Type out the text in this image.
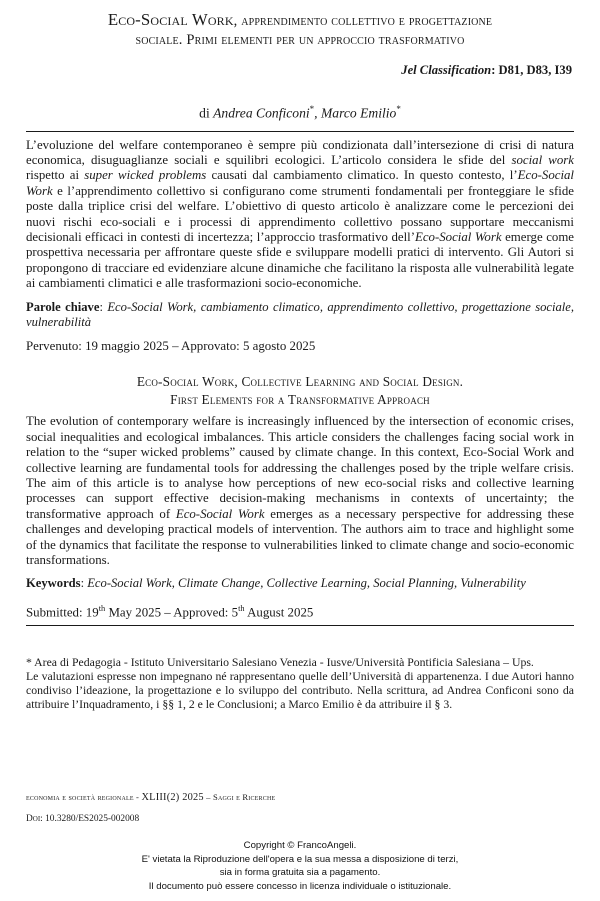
Eco-Social Work, apprendimento collettivo e progettazione
sociale. Primi elementi per un approccio trasformativo
Jel Classification: D81, D83, I39
di Andrea Conficoni*, Marco Emilio*

L’evoluzione del welfare contemporaneo è sempre più condizionata dall’intersezione di crisi di natura economica, disuguaglianze sociali e squilibri ecologici. L’articolo considera le sfide del social work rispetto ai super wicked problems causati dal cambiamento climatico. In questo contesto, l’Eco-Social Work e l’apprendimento collettivo si configurano come strumenti fondamentali per fronteggiare le sfide poste dalla triplice crisi del welfare. L’obiettivo di questo articolo è analizzare come le percezioni dei nuovi rischi eco-sociali e i processi di apprendimento collettivo possano supportare meccanismi decisionali efficaci in contesti di incertezza; l’approccio trasformativo dell’Eco-Social Work emerge come prospettiva necessaria per affrontare queste sfide e sviluppare modelli pratici di intervento. Gli Autori si propongono di tracciare ed evidenziare alcune dinamiche che facilitano la risposta alle vulnerabilità legate ai cambiamenti climatici e alle trasformazioni socio-economiche.

Parole chiave: Eco-Social Work, cambiamento climatico, apprendimento collettivo, progettazione sociale, vulnerabilità

Pervenuto: 19 maggio 2025 – Approvato: 5 agosto 2025

Eco-Social Work, Collective Learning and Social Design.
First Elements for a Transformative Approach

The evolution of contemporary welfare is increasingly influenced by the intersection of economic crises, social inequalities and ecological imbalances. This article considers the challenges facing social work in relation to the “super wicked problems” caused by climate change. In this context, Eco-Social Work and collective learning are fundamental tools for addressing the challenges posed by the triple welfare crisis. The aim of this article is to analyse how perceptions of new eco-social risks and collective learning processes can support effective decision-making mechanisms in contexts of uncertainty; the transformative approach of Eco-Social Work emerges as a necessary perspective for addressing these challenges and developing practical models of intervention. The authors aim to trace and highlight some of the dynamics that facilitate the response to vulnerabilities linked to climate change and socio-economic transformations.

Keywords: Eco-Social Work, Climate Change, Collective Learning, Social Planning, Vulnerability

Submitted: 19th May 2025 – Approved: 5th August 2025

* Area di Pedagogia - Istituto Universitario Salesiano Venezia - Iusve/Università Pontificia Salesiana – Ups.
Le valutazioni espresse non impegnano né rappresentano quelle dell’Università di appartenenza. I due Autori hanno condiviso l’ideazione, la progettazione e lo sviluppo del contributo. Nella scrittura, ad Andrea Conficoni sono da attribuire l’Inquadramento, i §§ 1, 2 e le Conclusioni; a Marco Emilio è da attribuire il § 3.
economia e società regionale - XLIII(2) 2025 – Saggi e Ricerche
Doi: 10.3280/ES2025-002008
Copyright © FrancoAngeli.
E' vietata la Riproduzione dell'opera e la sua messa a disposizione di terzi,
sia in forma gratuita sia a pagamento.
Il documento può essere concesso in licenza individuale o istituzionale.
